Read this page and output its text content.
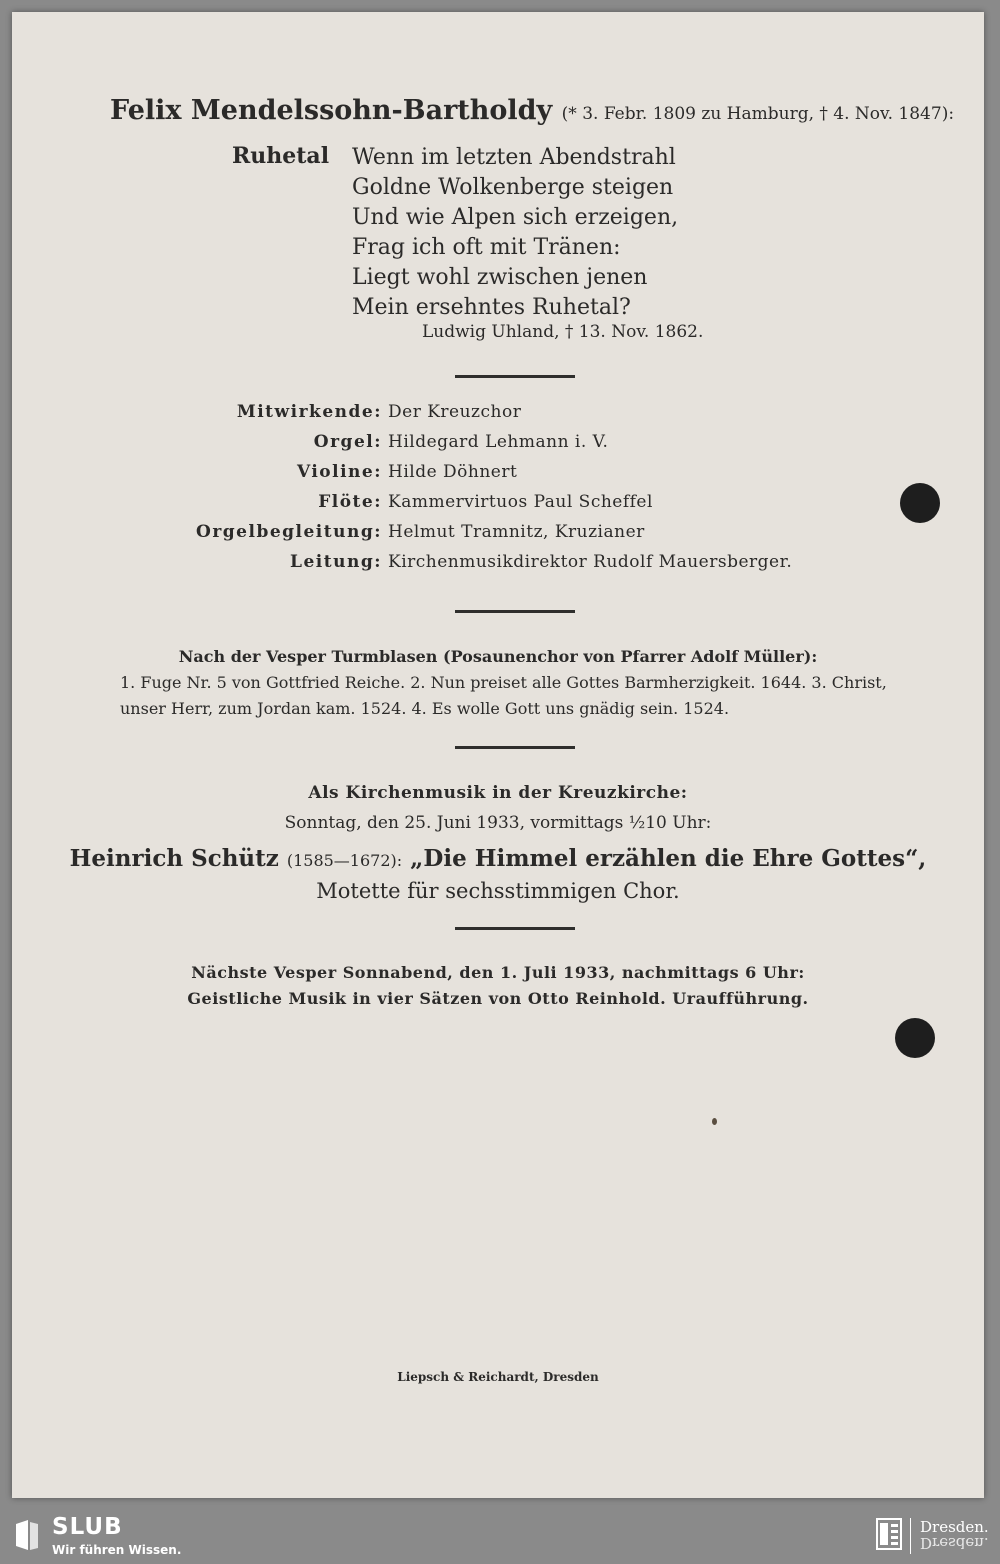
Felix Mendelssohn-Bartholdy (* 3. Febr. 1809 zu Hamburg, † 4. Nov. 1847):
Ruhetal Wenn im letzten Abendstrahl
Goldne Wolkenberge steigen
Und wie Alpen sich erzeigen,
Frag ich oft mit Tränen:
Liegt wohl zwischen jenen
Mein ersehntes Ruhetal?
Ludwig Uhland, † 13. Nov. 1862.
Mitwirkende: Der Kreuzchor
Orgel: Hildegard Lehmann i. V.
Violine: Hilde Döhnert
Flöte: Kammervirtuos Paul Scheffel
Orgelbegleitung: Helmut Tramnitz, Kruzianer
Leitung: Kirchenmusikdirektor Rudolf Mauersberger.
Nach der Vesper Turmblasen (Posaunenchor von Pfarrer Adolf Müller):
1. Fuge Nr. 5 von Gottfried Reiche. 2. Nun preiset alle Gottes Barmherzigkeit. 1644. 3. Christ,
unser Herr, zum Jordan kam. 1524. 4. Es wolle Gott uns gnädig sein. 1524.
Als Kirchenmusik in der Kreuzkirche:
Sonntag, den 25. Juni 1933, vormittags ½10 Uhr:
Heinrich Schütz (1585—1672): „Die Himmel erzählen die Ehre Gottes“,
Motette für sechsstimmigen Chor.
Nächste Vesper Sonnabend, den 1. Juli 1933, nachmittags 6 Uhr:
Geistliche Musik in vier Sätzen von Otto Reinhold. Uraufführung.
Liepsch & Reichardt, Dresden
SLUB
Wir führen Wissen.
Dresden.
Dresden.
